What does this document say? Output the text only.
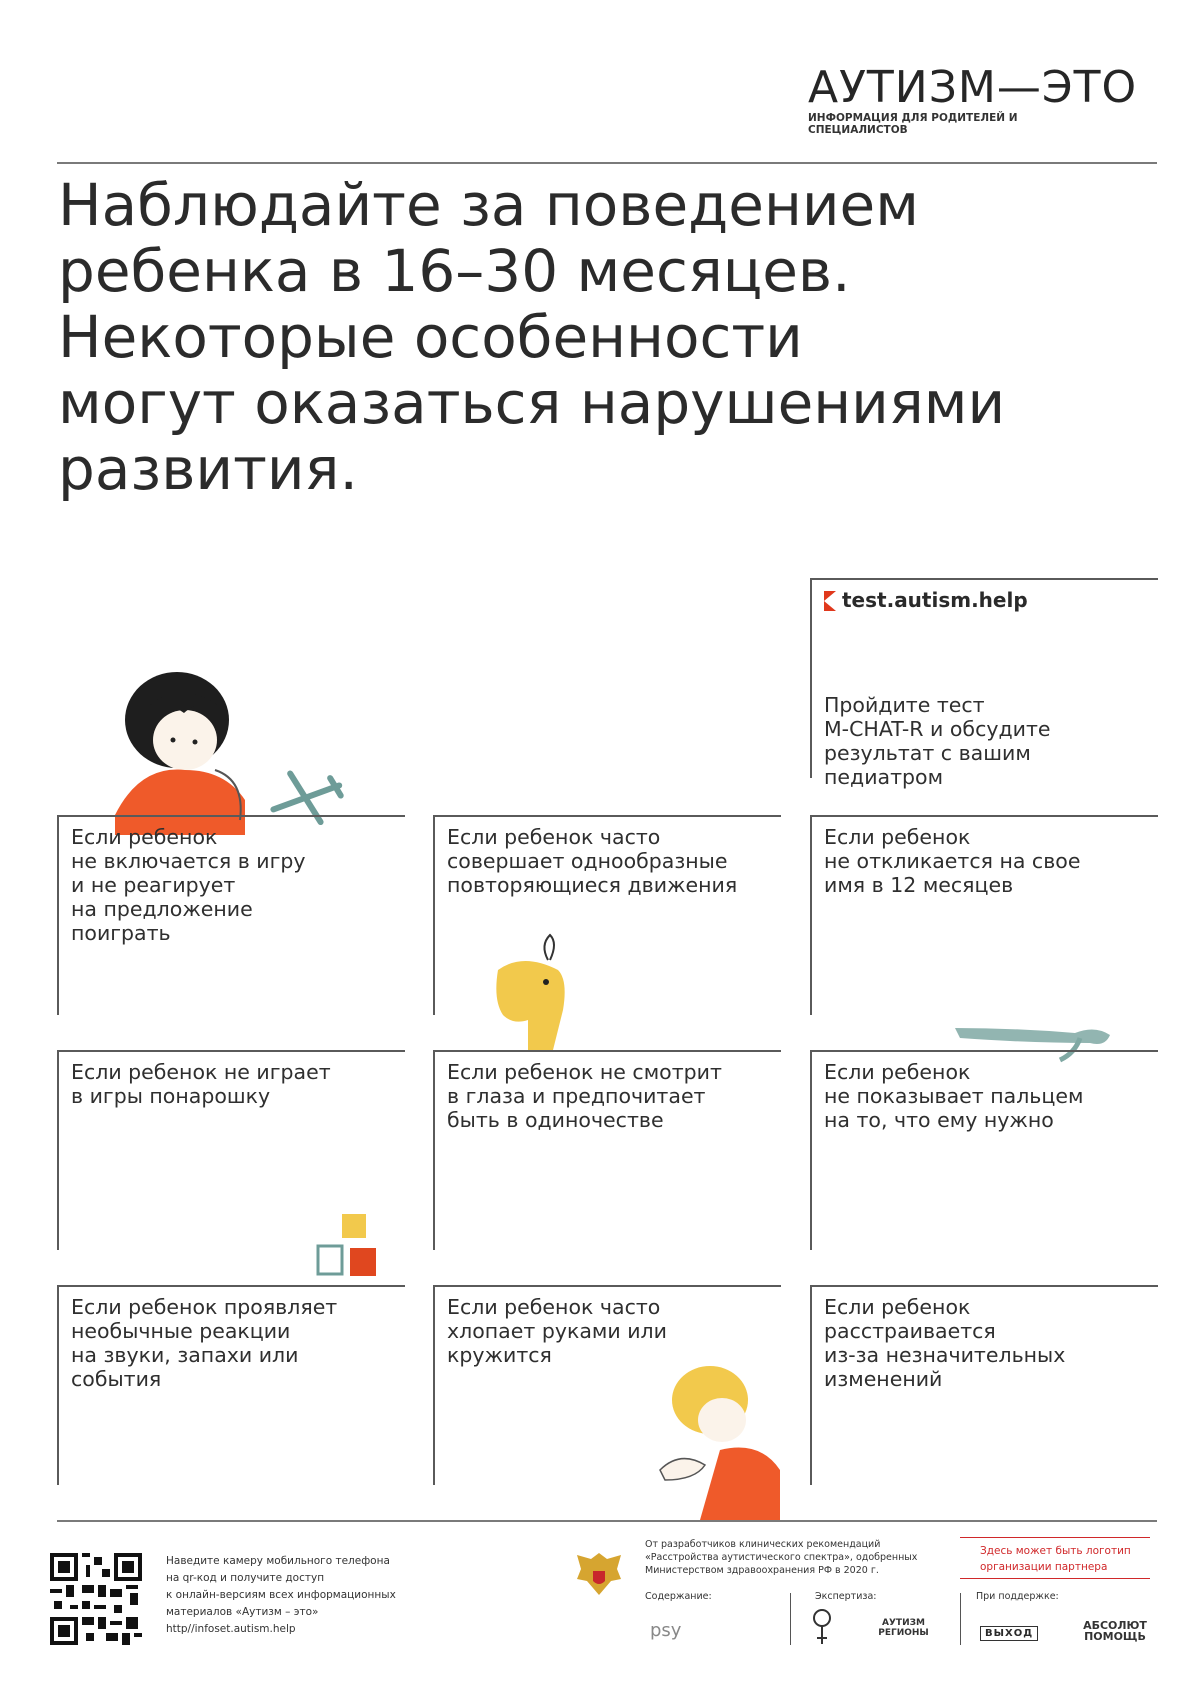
АУТИЗМ—ЭТО
ИНФОРМАЦИЯ ДЛЯ РОДИТЕЛЕЙ И СПЕЦИАЛИСТОВ
Наблюдайте за поведением
ребенка в 16–30 месяцев.
Некоторые особенности
могут оказаться нарушениями
развития.
test.autism.help
Пройдите тест
M-CHAT-R и обсудите
результат с вашим
педиатром
Если ребенок
не включается в игру
и не реагирует
на предложение
поиграть
Если ребенок часто
совершает однообразные
повторяющиеся движения
Если ребенок
не откликается на свое
имя в 12 месяцев
Если ребенок не играет
в игры понарошку
Если ребенок не смотрит
в глаза и предпочитает
быть в одиночестве
Если ребенок
не показывает пальцем
на то, что ему нужно
Если ребенок проявляет
необычные реакции
на звуки, запахи или
события
Если ребенок часто
хлопает руками или
кружится
Если ребенок
расстраивается
из-за незначительных
изменений
Наведите камеру мобильного телефона
на qr-код и получите доступ
к онлайн-версиям всех информационных
материалов «Аутизм – это»
http//infoset.autism.help
От разработчиков клинических рекомендаций
«Расстройства аутистического спектра», одобренных
Министерством здравоохранения РФ в 2020 г.
Содержание:
psy
Экспертиза:
АУТИЗМ РЕГИОНЫ
При поддержке:
ВЫХОД
АБСОЛЮТ ПОМОЩЬ
Здесь может быть логотип
организации партнера
